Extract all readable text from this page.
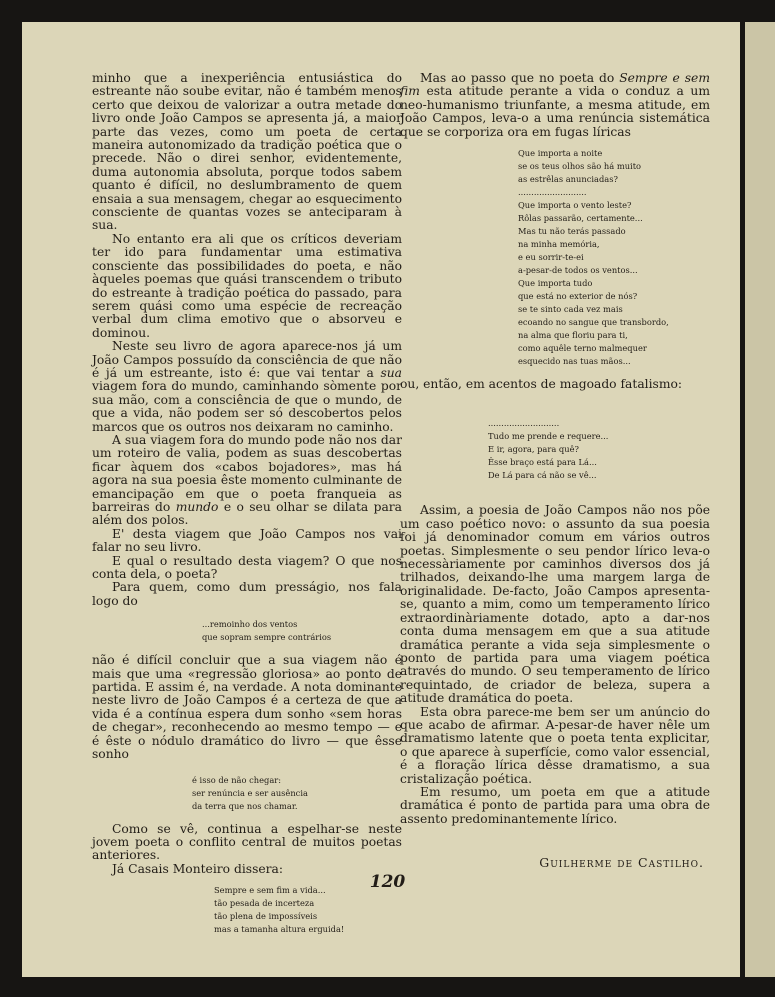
minho que a inexperiência entusiástica do estreante não soube evitar, não é também menos certo que deixou de valorizar a outra metade do livro onde João Campos se apresenta já, a maior parte das vezes, como um poeta de certa maneira autonomizado da tradição poética que o precede. Não o direi senhor, evidentemente, duma autonomia absoluta, porque todos sabem quanto é difícil, no deslumbramento de quem ensaia a sua mensagem, chegar ao esquecimento consciente de quantas vozes se anteciparam à sua.

No entanto era ali que os críticos deveriam ter ido para fundamentar uma estimativa consciente das possibilidades do poeta, e não àqueles poemas que quási transcendem o tributo do estreante à tradição poética do passado, para serem quási como uma espécie de recreação verbal dum clima emotivo que o absorveu e dominou.

Neste seu livro de agora aparece-nos já um João Campos possuído da consciência de que não é já um estreante, isto é: que vai tentar a sua viagem fora do mundo, caminhando sòmente por sua mão, com a consciência de que o mundo, de que a vida, não podem ser só descobertos pelos marcos que os outros nos deixaram no caminho.

A sua viagem fora do mundo pode não nos dar um roteiro de valia, podem as suas descobertas ficar àquem dos «cabos bojadores», mas há agora na sua poesia êste momento culminante de emancipação em que o poeta franqueia as barreiras do mundo e o seu olhar se dilata para além dos polos.

E' desta viagem que João Campos nos vai falar no seu livro.

E qual o resultado desta viagem? O que nos conta dela, o poeta?

Para quem, como dum presságio, nos fala logo do

...remoinho dos ventos
que sopram sempre contrários

não é difícil concluir que a sua viagem não é mais que uma «regressão gloriosa» ao ponto de partida. E assim é, na verdade. A nota dominante neste livro de João Campos é a certeza de que a vida é a contínua espera dum sonho «sem horas de chegar», reconhecendo ao mesmo tempo — e é êste o nódulo dramático do livro — que êsse sonho

é isso de não chegar:
ser renúncia e ser ausência
da terra que nos chamar.

Como se vê, continua a espelhar-se neste jovem poeta o conflito central de muitos poetas anteriores.

Já Casais Monteiro dissera:

Sempre e sem fim a vida...
tão pesada de incerteza
tão plena de impossíveis
mas a tamanha altura erguida!

Mas ao passo que no poeta do Sempre e sem fim esta atitude perante a vida o conduz a um neo-humanismo triunfante, a mesma atitude, em João Campos, leva-o a uma renúncia sistemática que se corporiza ora em fugas líricas

Que importa a noite
se os teus olhos são há muito
as estrêlas anunciadas?
..........................
Que importa o vento leste?
Rôlas passarão, certamente...
Mas tu não terás passado
na minha memória,
e eu sorrir-te-ei
a-pesar-de todos os ventos...
Que importa tudo
que está no exterior de nós?
se te sinto cada vez mais
ecoando no sangue que transbordo,
na alma que floriu para ti,
como aquêle terno malmequer
esquecido nas tuas mãos...

ou, então, em acentos de magoado fatalismo:

...........................
Tudo me prende e requere...
E ir, agora, para quê?
Êsse braço está para Lá...
De Lá para cá não se vê...

Assim, a poesia de João Campos não nos põe um caso poético novo: o assunto da sua poesia foi já denominador comum em vários outros poetas. Simplesmente o seu pendor lírico leva-o necessàriamente por caminhos diversos dos já trilhados, deixando-lhe uma margem larga de originalidade. De-facto, João Campos apresenta-se, quanto a mim, como um temperamento lírico extraordinàriamente dotado, apto a dar-nos conta duma mensagem em que a sua atitude dramática perante a vida seja simplesmente o ponto de partida para uma viagem poética através do mundo. O seu temperamento de lírico requintado, de criador de beleza, supera a atitude dramática do poeta.

Esta obra parece-me bem ser um anúncio do que acabo de afirmar. A-pesar-de haver nêle um dramatismo latente que o poeta tenta explicitar, o que aparece à superfície, como valor essencial, é a floração lírica dêsse dramatismo, a sua cristalização poética.

Em resumo, um poeta em que a atitude dramática é ponto de partida para uma obra de assento predominantemente lírico.

Guilherme de Castilho.
120
